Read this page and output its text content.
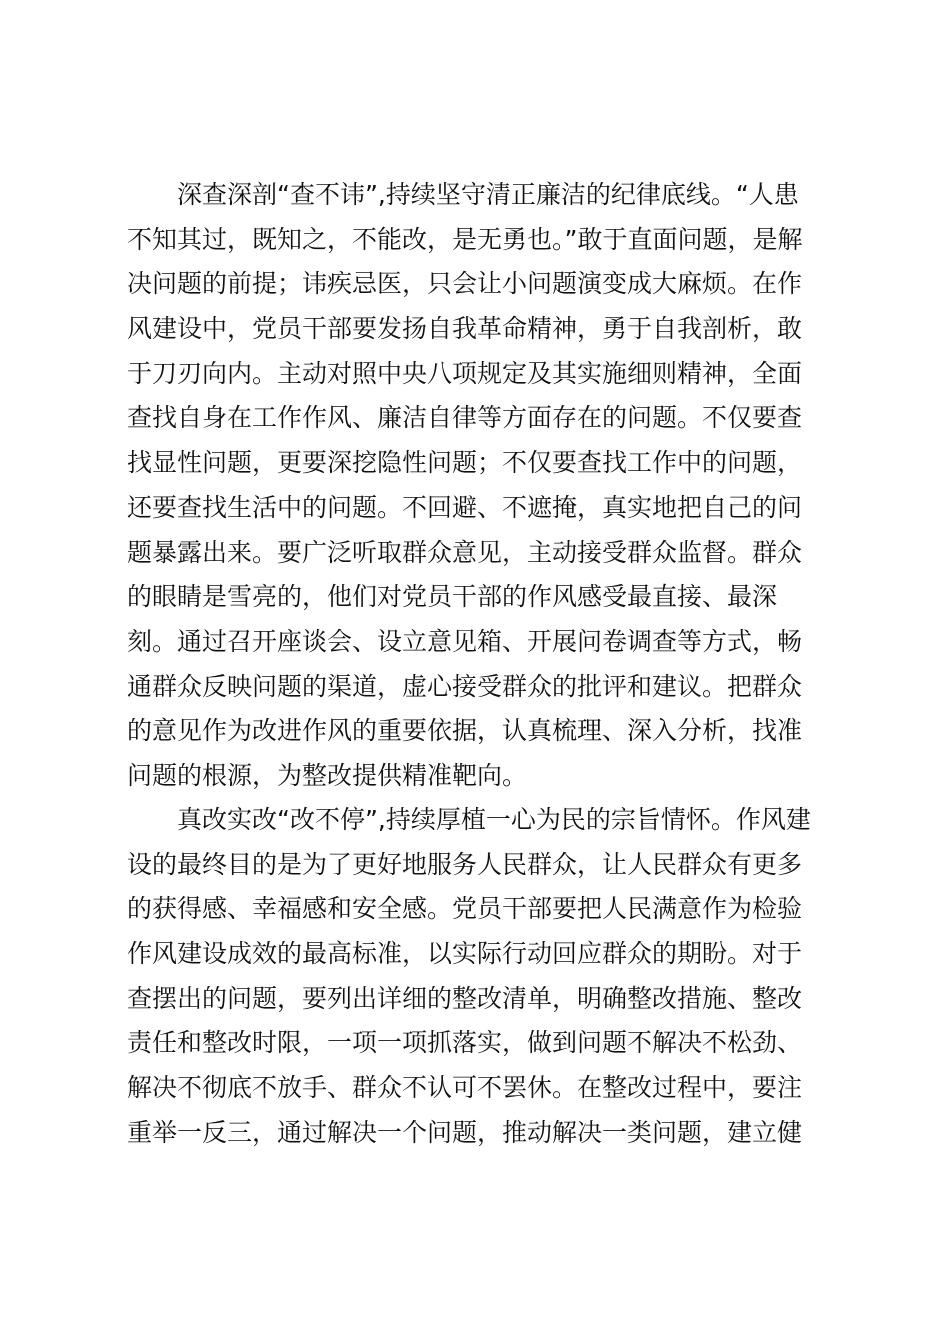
深查深剖“查不讳”,持续坚守清正廉洁的纪律底线。“人患
不知其过，既知之，不能改，是无勇也。”敢于直面问题，是解
决问题的前提；讳疾忌医，只会让小问题演变成大麻烦。在作
风建设中，党员干部要发扬自我革命精神，勇于自我剖析，敢
于刀刃向内。主动对照中央八项规定及其实施细则精神，全面
查找自身在工作作风、廉洁自律等方面存在的问题。不仅要查
找显性问题，更要深挖隐性问题；不仅要查找工作中的问题，
还要查找生活中的问题。不回避、不遮掩，真实地把自己的问
题暴露出来。要广泛听取群众意见，主动接受群众监督。群众
的眼睛是雪亮的，他们对党员干部的作风感受最直接、最深
刻。通过召开座谈会、设立意见箱、开展问卷调查等方式，畅
通群众反映问题的渠道，虚心接受群众的批评和建议。把群众
的意见作为改进作风的重要依据，认真梳理、深入分析，找准
问题的根源，为整改提供精准靶向。
真改实改“改不停”,持续厚植一心为民的宗旨情怀。作风建
设的最终目的是为了更好地服务人民群众，让人民群众有更多
的获得感、幸福感和安全感。党员干部要把人民满意作为检验
作风建设成效的最高标准，以实际行动回应群众的期盼。对于
查摆出的问题，要列出详细的整改清单，明确整改措施、整改
责任和整改时限，一项一项抓落实，做到问题不解决不松劲、
解决不彻底不放手、群众不认可不罢休。在整改过程中，要注
重举一反三，通过解决一个问题，推动解决一类问题，建立健
